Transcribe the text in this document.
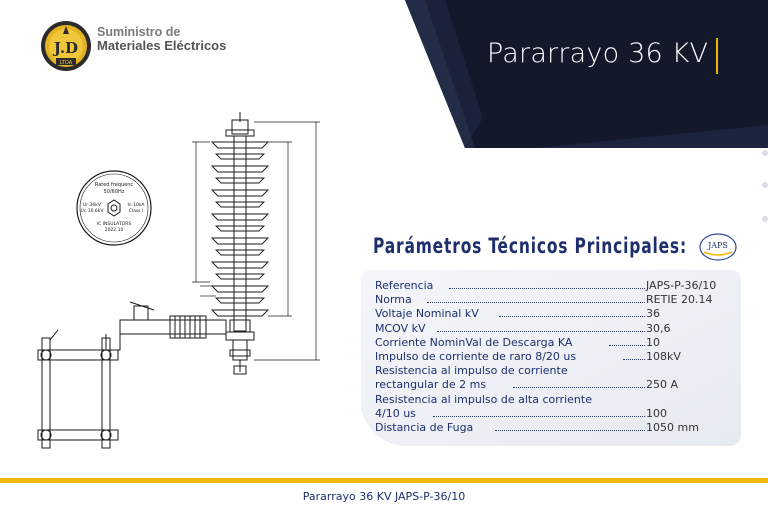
Pararrayo 36 KV
J.D
LTDA
Suministro de
Materiales Eléctricos
Rated frequenc
50/60Hz
Ur 36kV
Uc 30,6kV
In 10kA
Class I
IC INSULATORS
2022.10
Parámetros Técnicos Principales:	JAPS
Referencia	JAPS-P-36/10
Norma	RETIE 20.14
Voltaje Nominal kV	36
MCOV kV	30,6
Corriente NominVal de Descarga KA	10
Impulso de corriente de raro 8/20 us	108kV
Resistencia al impulso de corriente
rectangular de 2 ms	250 A
Resistencia al impulso de alta corriente
4/10 us	100
Distancia de Fuga	1050 mm
Pararrayo 36 KV JAPS-P-36/10
